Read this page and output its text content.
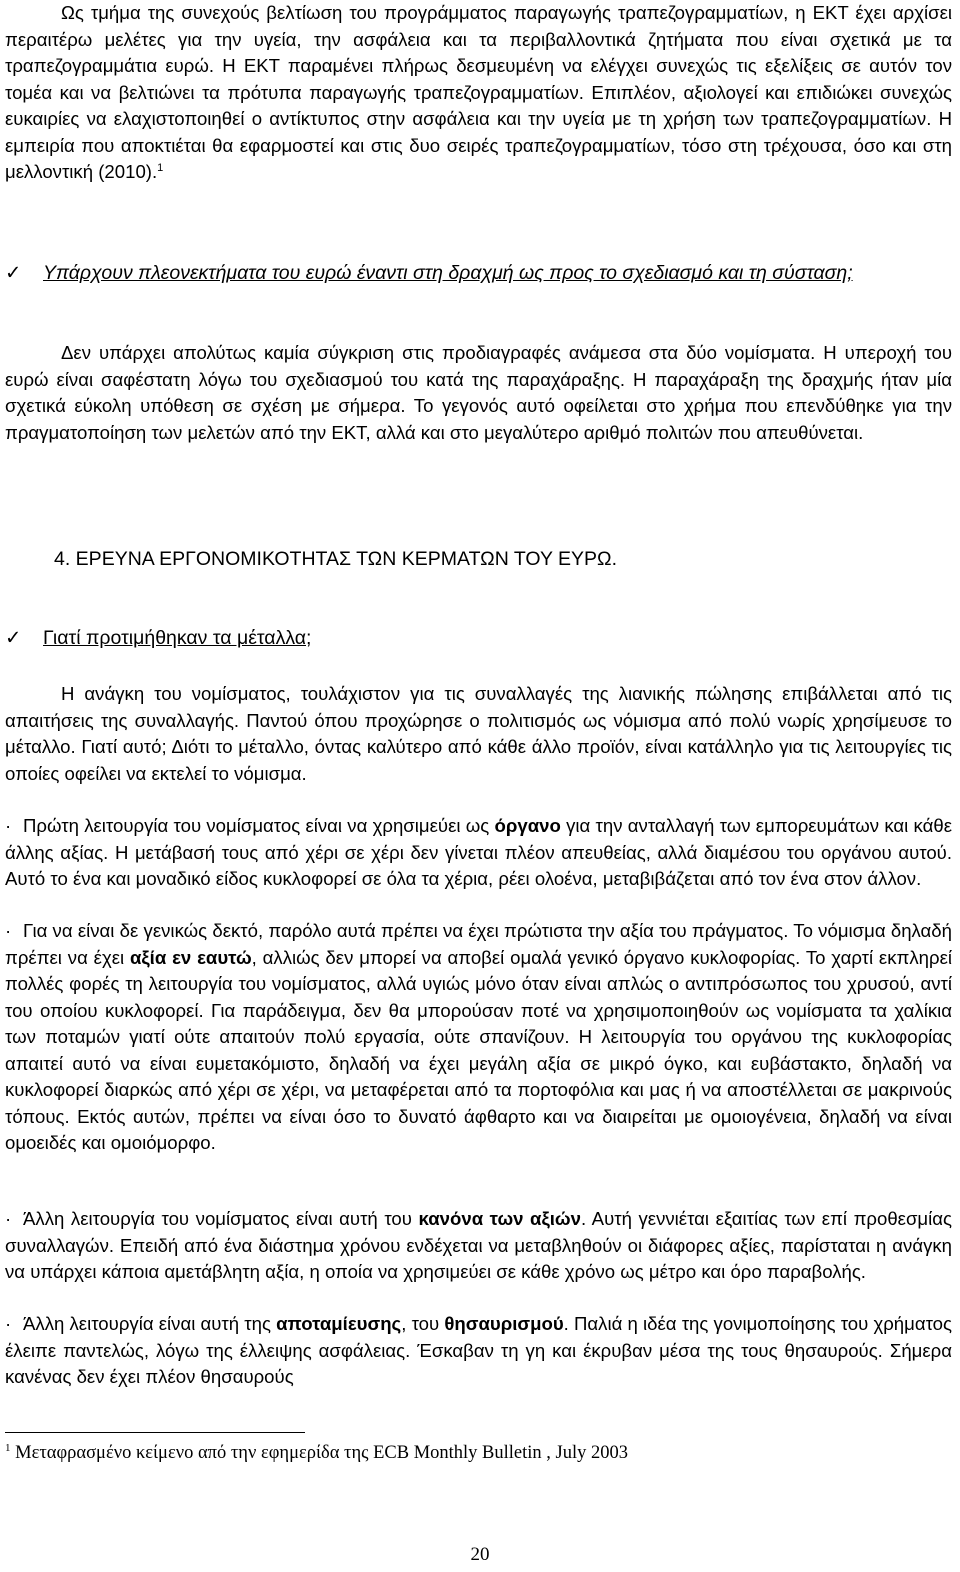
Ως τμήμα της συνεχούς βελτίωση του προγράμματος παραγωγής τραπεζογραμματίων, η ΕΚΤ έχει αρχίσει περαιτέρω μελέτες για την υγεία, την ασφάλεια και τα περιβαλλοντικά ζητήματα που είναι σχετικά με τα τραπεζογραμμάτια ευρώ. Η ΕΚΤ παραμένει πλήρως δεσμευμένη να ελέγχει συνεχώς τις εξελίξεις σε αυτόν τον τομέα και να βελτιώνει τα πρότυπα παραγωγής τραπεζογραμματίων. Επιπλέον, αξιολογεί και επιδιώκει συνεχώς ευκαιρίες να ελαχιστοποιηθεί ο αντίκτυπος στην ασφάλεια και την υγεία με τη χρήση των τραπεζογραμματίων. Η εμπειρία που αποκτιέται θα εφαρμοστεί και στις δυο σειρές τραπεζογραμματίων, τόσο στη τρέχουσα, όσο και στη μελλοντική (2010).$^1$

✓ Υπάρχουν πλεονεκτήματα του ευρώ έναντι στη δραχμή ως προς το σχεδιασμό και τη σύσταση;

Δεν υπάρχει απολύτως καμία σύγκριση στις προδιαγραφές ανάμεσα στα δύο νομίσματα. Η υπεροχή του ευρώ είναι σαφέστατη λόγω του σχεδιασμού του κατά της παραχάραξης. Η παραχάραξη της δραχμής ήταν μία σχετικά εύκολη υπόθεση σε σχέση με σήμερα. Το γεγονός αυτό οφείλεται στο χρήμα που επενδύθηκε για την πραγματοποίηση των μελετών από την ΕΚΤ, αλλά και στο μεγαλύτερο αριθμό πολιτών που απευθύνεται.

4. ΕΡΕΥΝΑ ΕΡΓΟΝΟΜΙΚΟΤΗΤΑΣ ΤΩΝ ΚΕΡΜΑΤΩΝ ΤΟΥ ΕΥΡΩ.

✓ Γιατί προτιμήθηκαν τα μέταλλα;

Η ανάγκη του νομίσματος, τουλάχιστον για τις συναλλαγές της λιανικής πώλησης επιβάλλεται από τις απαιτήσεις της συναλλαγής. Παντού όπου προχώρησε ο πολιτισμός ως νόμισμα από πολύ νωρίς χρησίμευσε το μέταλλο. Γιατί αυτό; Διότι το μέταλλο, όντας καλύτερο από κάθε άλλο προϊόν, είναι κατάλληλο για τις λειτουργίες τις οποίες οφείλει να εκτελεί το νόμισμα.

· Πρώτη λειτουργία του νομίσματος είναι να χρησιμεύει ως όργανο για την ανταλλαγή των εμπορευμάτων και κάθε άλλης αξίας. Η μετάβασή τους από χέρι σε χέρι δεν γίνεται πλέον απευθείας, αλλά διαμέσου του οργάνου αυτού. Αυτό το ένα και μοναδικό είδος κυκλοφορεί σε όλα τα χέρια, ρέει ολοένα, μεταβιβάζεται από τον ένα στον άλλον.

· Για να είναι δε γενικώς δεκτό, παρόλο αυτά πρέπει να έχει πρώτιστα την αξία του πράγματος. Το νόμισμα δηλαδή πρέπει να έχει αξία εν εαυτώ, αλλιώς δεν μπορεί να αποβεί ομαλά γενικό όργανο κυκλοφορίας. Το χαρτί εκπληρεί πολλές φορές τη λειτουργία του νομίσματος, αλλά υγιώς μόνο όταν είναι απλώς ο αντιπρόσωπος του χρυσού, αντί του οποίου κυκλοφορεί. Για παράδειγμα, δεν θα μπορούσαν ποτέ να χρησιμοποιηθούν ως νομίσματα τα χαλίκια των ποταμών γιατί ούτε απαιτούν πολύ εργασία, ούτε σπανίζουν. Η λειτουργία του οργάνου της κυκλοφορίας απαιτεί αυτό να είναι ευμετακόμιστο, δηλαδή να έχει μεγάλη αξία σε μικρό όγκο, και ευβάστακτο, δηλαδή να κυκλοφορεί διαρκώς από χέρι σε χέρι, να μεταφέρεται από τα πορτοφόλια και μας ή να αποστέλλεται σε μακρινούς τόπους. Εκτός αυτών, πρέπει να είναι όσο το δυνατό άφθαρτο και να διαιρείται με ομοιογένεια, δηλαδή να είναι ομοειδές και ομοιόμορφο.

· Άλλη λειτουργία του νομίσματος είναι αυτή του κανόνα των αξιών. Αυτή γεννιέται εξαιτίας των επί προθεσμίας συναλλαγών. Επειδή από ένα διάστημα χρόνου ενδέχεται να μεταβληθούν οι διάφορες αξίες, παρίσταται η ανάγκη να υπάρχει κάποια αμετάβλητη αξία, η οποία να χρησιμεύει σε κάθε χρόνο ως μέτρο και όρο παραβολής.

· Άλλη λειτουργία είναι αυτή της αποταμίευσης, του θησαυρισμού. Παλιά η ιδέα της γονιμοποίησης του χρήματος έλειπε παντελώς, λόγω της έλλειψης ασφάλειας. Έσκαβαν τη γη και έκρυβαν μέσα της τους θησαυρούς. Σήμερα κανένας δεν έχει πλέον θησαυρούς

$^1$ Μεταφρασμένο κείμενο από την εφημερίδα της ECB Monthly Bulletin , July 2003

20
